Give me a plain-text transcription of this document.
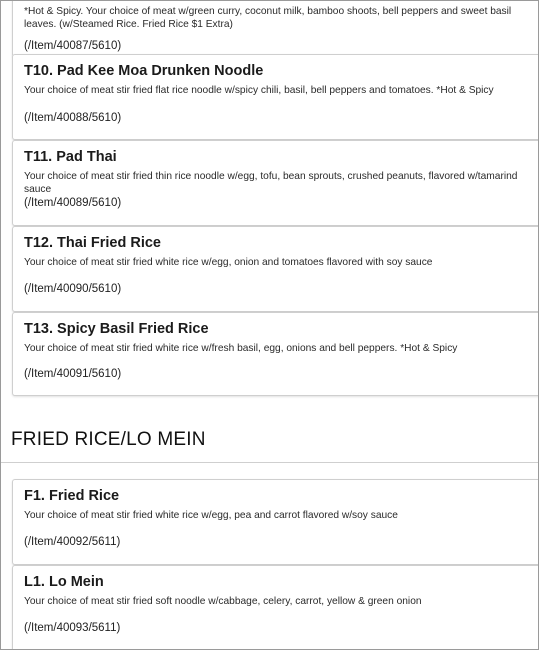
*Hot & Spicy. Your choice of meat w/green curry, coconut milk, bamboo shoots, bell peppers and sweet basil leaves. (w/Steamed Rice. Fried Rice $1 Extra)
(/Item/40087/5610)
T10. Pad Kee Moa Drunken Noodle
Your choice of meat stir fried flat rice noodle w/spicy chili, basil, bell peppers and tomatoes. *Hot & Spicy
(/Item/40088/5610)
T11. Pad Thai
Your choice of meat stir fried thin rice noodle w/egg, tofu, bean sprouts, crushed peanuts, flavored w/tamarind sauce
(/Item/40089/5610)
T12. Thai Fried Rice
Your choice of meat stir fried white rice w/egg, onion and tomatoes flavored with soy sauce
(/Item/40090/5610)
T13. Spicy Basil Fried Rice
Your choice of meat stir fried white rice w/fresh basil, egg, onions and bell peppers. *Hot & Spicy
(/Item/40091/5610)
FRIED RICE/LO MEIN
F1. Fried Rice
Your choice of meat stir fried white rice w/egg, pea and carrot flavored w/soy sauce
(/Item/40092/5611)
L1. Lo Mein
Your choice of meat stir fried soft noodle w/cabbage, celery, carrot, yellow & green onion
(/Item/40093/5611)
